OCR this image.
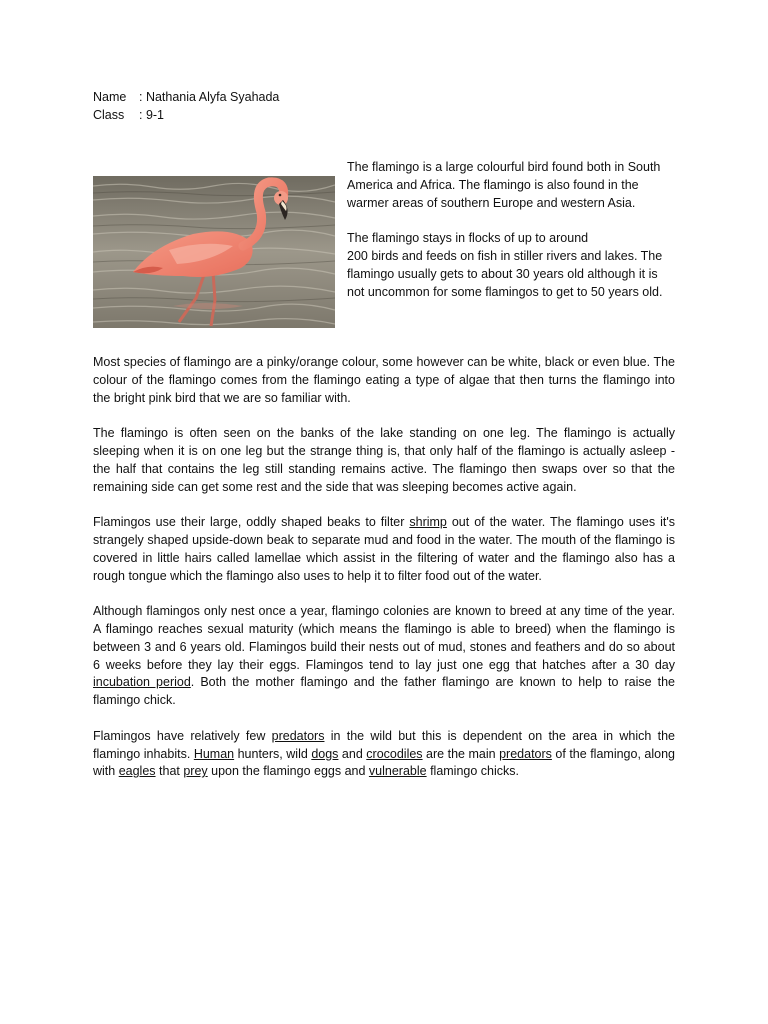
Name	: Nathania Alyfa Syahada
Class	: 9-1

The flamingo is a large colourful bird found both in South America and Africa. The flamingo is also found in the warmer areas of southern Europe and western Asia.

The flamingo stays in flocks of up to around
200 birds and feeds on fish in stiller rivers and lakes. The flamingo usually gets to about 30 years old although it is not uncommon for some flamingos to get to 50 years old.

Most species of flamingo are a pinky/orange colour, some however can be white, black or even blue. The colour of the flamingo comes from the flamingo eating a type of algae that then turns the flamingo into the bright pink bird that we are so familiar with.

The flamingo is often seen on the banks of the lake standing on one leg. The flamingo is actually sleeping when it is on one leg but the strange thing is, that only half of the flamingo is actually asleep - the half that contains the leg still standing remains active. The flamingo then swaps over so that the remaining side can get some rest and the side that was sleeping becomes active again.

Flamingos use their large, oddly shaped beaks to filter shrimp out of the water. The flamingo uses it's strangely shaped upside-down beak to separate mud and food in the water. The mouth of the flamingo is covered in little hairs called lamellae which assist in the filtering of water and the flamingo also has a rough tongue which the flamingo also uses to help it to filter food out of the water.

Although flamingos only nest once a year, flamingo colonies are known to breed at any time of the year. A flamingo reaches sexual maturity (which means the flamingo is able to breed) when the flamingo is between 3 and 6 years old. Flamingos build their nests out of mud, stones and feathers and do so about 6 weeks before they lay their eggs. Flamingos tend to lay just one egg that hatches after a 30 day incubation period. Both the mother flamingo and the father flamingo are known to help to raise the flamingo chick.

Flamingos have relatively few predators in the wild but this is dependent on the area in which the flamingo inhabits. Human hunters, wild dogs and crocodiles are the main predators of the flamingo, along with eagles that prey upon the flamingo eggs and vulnerable flamingo chicks.
